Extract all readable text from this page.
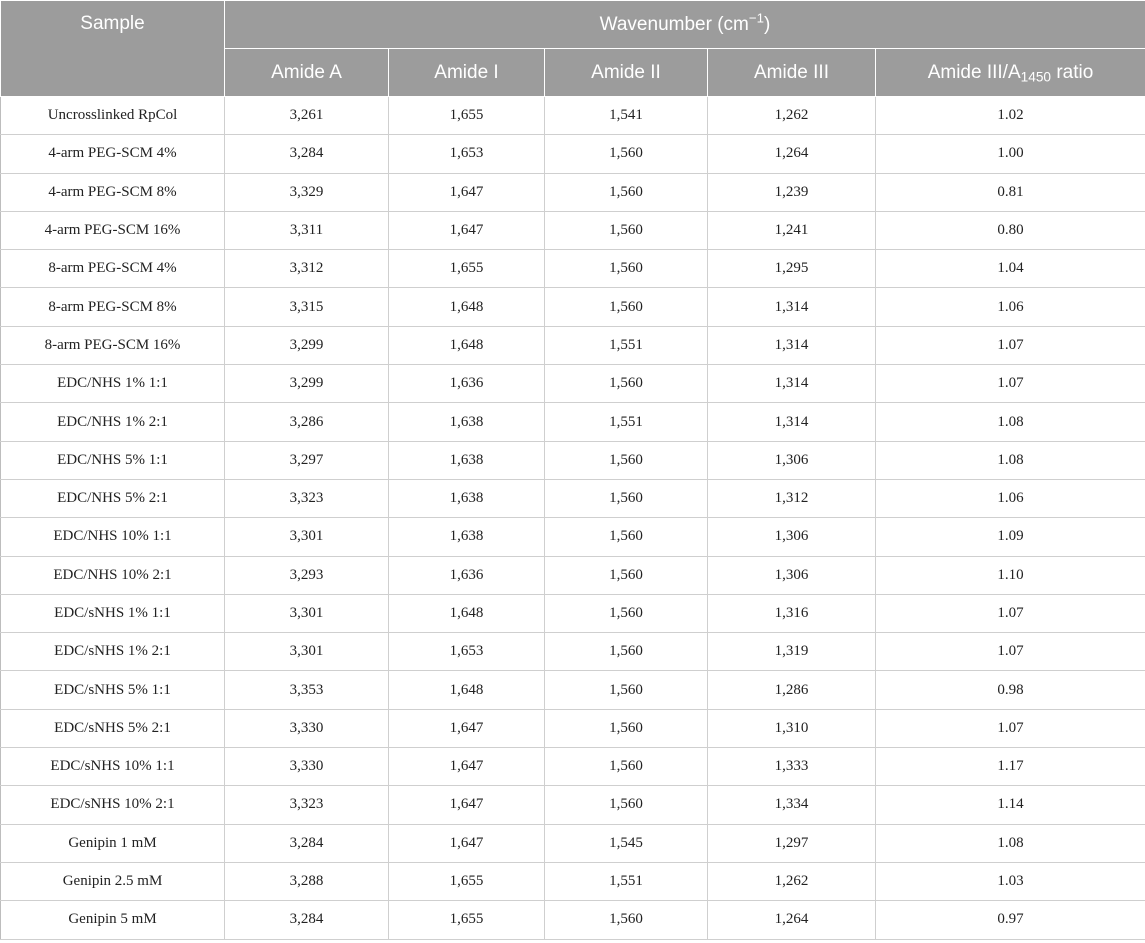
Sample	Wavenumber $(cm^{-1})$				
	Amide A	Amide I	Amide II	Amide III	Amide III/$A_{1450}$ ratio
Uncrosslinked RpCol	3,261	1,655	1,541	1,262	1.02
4-arm PEG-SCM 4%	3,284	1,653	1,560	1,264	1.00
4-arm PEG-SCM 8%	3,329	1,647	1,560	1,239	0.81
4-arm PEG-SCM 16%	3,311	1,647	1,560	1,241	0.80
8-arm PEG-SCM 4%	3,312	1,655	1,560	1,295	1.04
8-arm PEG-SCM 8%	3,315	1,648	1,560	1,314	1.06
8-arm PEG-SCM 16%	3,299	1,648	1,551	1,314	1.07
EDC/NHS 1% 1:1	3,299	1,636	1,560	1,314	1.07
EDC/NHS 1% 2:1	3,286	1,638	1,551	1,314	1.08
EDC/NHS 5% 1:1	3,297	1,638	1,560	1,306	1.08
EDC/NHS 5% 2:1	3,323	1,638	1,560	1,312	1.06
EDC/NHS 10% 1:1	3,301	1,638	1,560	1,306	1.09
EDC/NHS 10% 2:1	3,293	1,636	1,560	1,306	1.10
EDC/sNHS 1% 1:1	3,301	1,648	1,560	1,316	1.07
EDC/sNHS 1% 2:1	3,301	1,653	1,560	1,319	1.07
EDC/sNHS 5% 1:1	3,353	1,648	1,560	1,286	0.98
EDC/sNHS 5% 2:1	3,330	1,647	1,560	1,310	1.07
EDC/sNHS 10% 1:1	3,330	1,647	1,560	1,333	1.17
EDC/sNHS 10% 2:1	3,323	1,647	1,560	1,334	1.14
Genipin 1 mM	3,284	1,647	1,545	1,297	1.08
Genipin 2.5 mM	3,288	1,655	1,551	1,262	1.03
Genipin 5 mM	3,284	1,655	1,560	1,264	0.97
